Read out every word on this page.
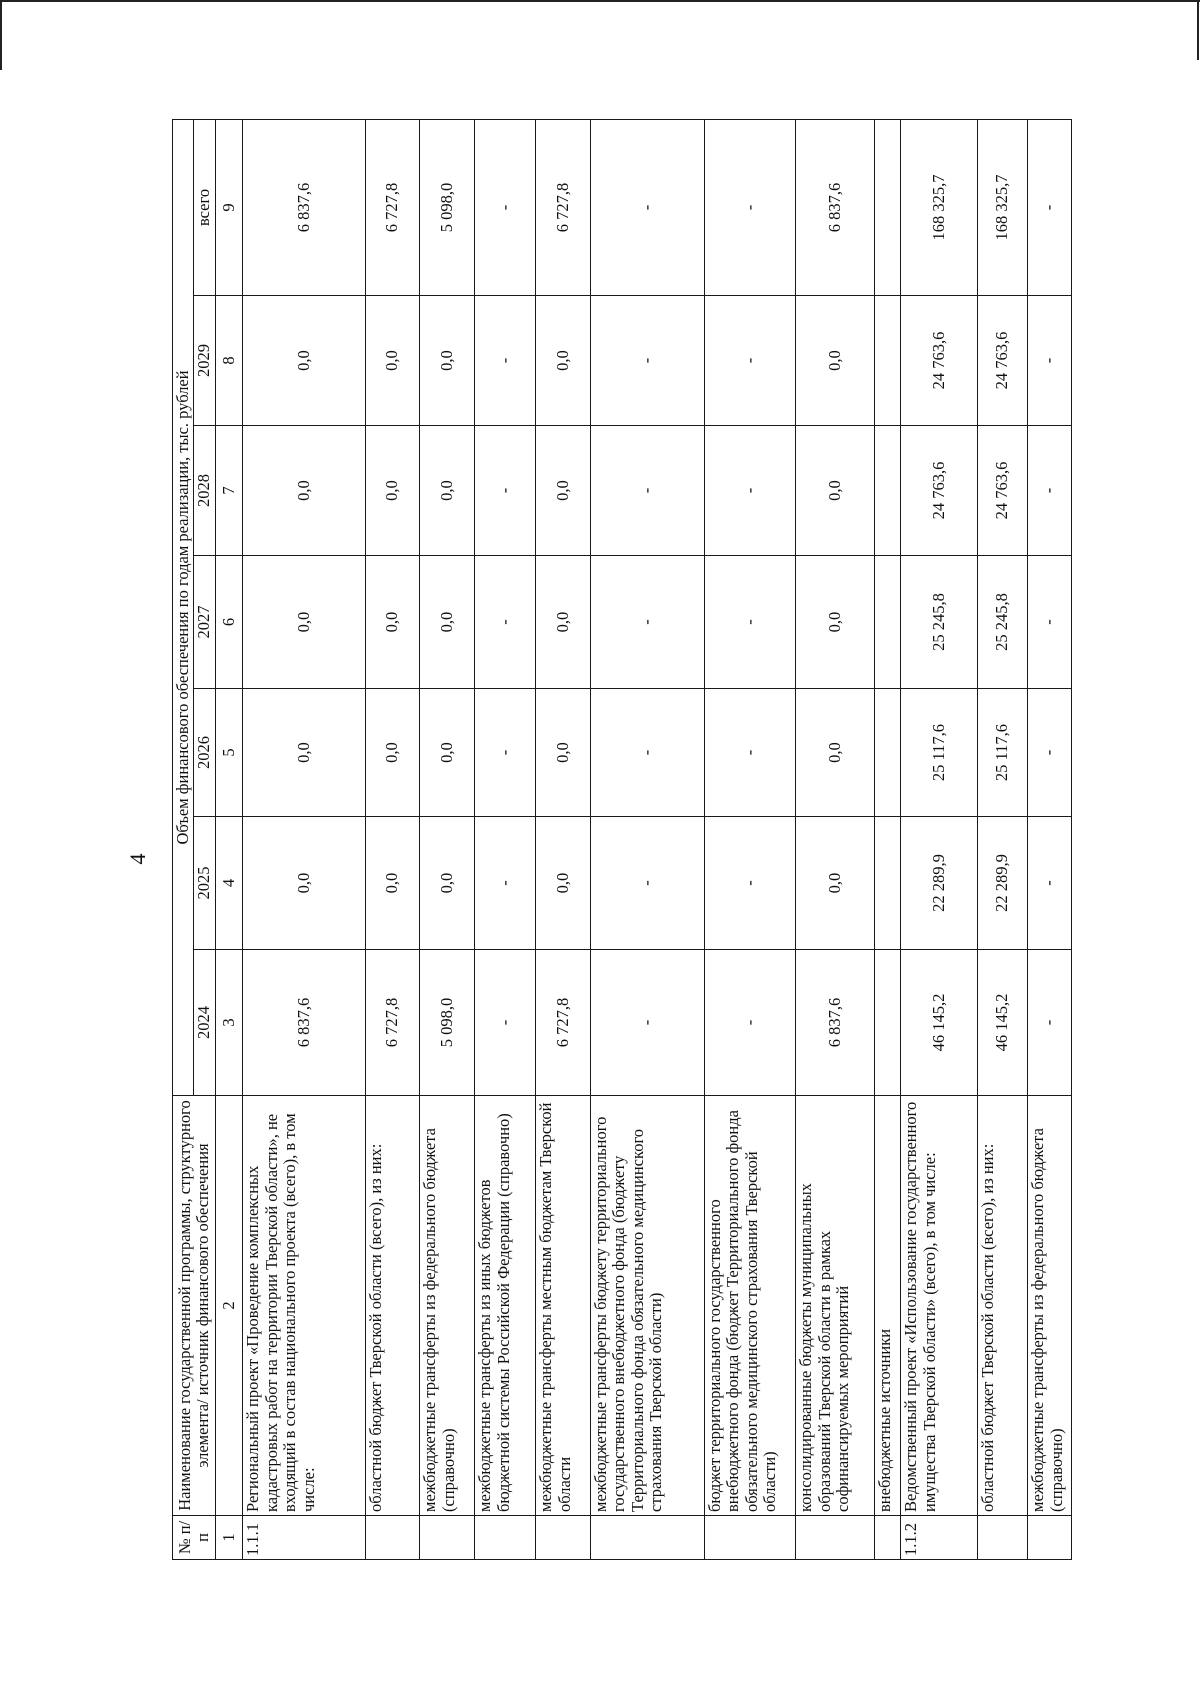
4
№ п/п	Наименование государственной программы, структурного элемента/ источник финансового обеспечения	Объем финансового обеспечения по годам реализации, тыс. рублей						
		2024	2025	2026	2027	2028	2029	всего
1	2	3	4	5	6	7	8	9
1.1.1	Региональный проект «Проведение комплексных кадастровых работ на территории Тверской области», не входящий в состав национального проекта (всего), в том числе:	6 837,6	0,0	0,0	0,0	0,0	0,0	6 837,6
	областной бюджет Тверской области (всего), из них:	6 727,8	0,0	0,0	0,0	0,0	0,0	6 727,8
	межбюджетные трансферты из федерального бюджета (справочно)	5 098,0	0,0	0,0	0,0	0,0	0,0	5 098,0
	межбюджетные трансферты из иных бюджетов бюджетной системы Российской Федерации (справочно)	-	-	-	-	-	-	-
	межбюджетные трансферты местным бюджетам Тверской области	6 727,8	0,0	0,0	0,0	0,0	0,0	6 727,8
	межбюджетные трансферты бюджету территориального государственного внебюджетного фонда (бюджету Территориального фонда обязательного медицинского страхования Тверской области)	-	-	-	-	-	-	-
	бюджет территориального государственного внебюджетного фонда (бюджет Территориального фонда обязательного медицинского страхования Тверской области)	-	-	-	-	-	-	-
	консолидированные бюджеты муниципальных образований Тверской области в рамках софинансируемых мероприятий	6 837,6	0,0	0,0	0,0	0,0	0,0	6 837,6
	внебюджетные источники							
1.1.2	Ведомственный проект «Использование государственного имущества Тверской области» (всего), в том числе:	46 145,2	22 289,9	25 117,6	25 245,8	24 763,6	24 763,6	168 325,7
	областной бюджет Тверской области (всего), из них:	46 145,2	22 289,9	25 117,6	25 245,8	24 763,6	24 763,6	168 325,7
	межбюджетные трансферты из федерального бюджета (справочно)	-	-	-	-	-	-	-
